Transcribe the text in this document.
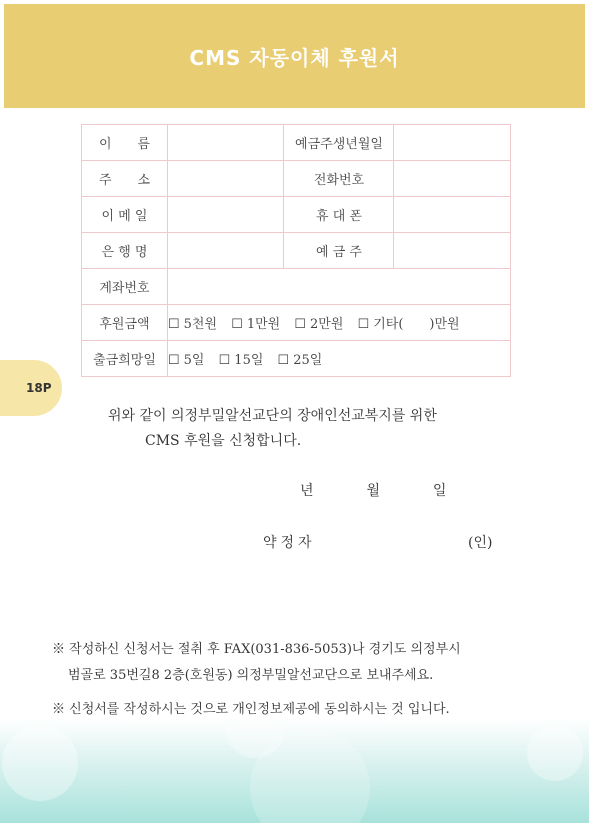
CMS 자동이체 후원서
이　　름		예금주생년월일	
주　　소		전화번호	
이 메 일		휴 대 폰	
은 행 명		예 금 주	
계좌번호			
후원금액	☐ 5천원 ☐ 1만원 ☐ 2만원 ☐ 기타(　　)만원		
출금희망일	☐ 5일 ☐ 15일 ☐ 25일		
18P
위와 같이 의정부밀알선교단의 장애인선교복지를 위한
CMS 후원을 신청합니다.
년	월	일
약정자	(인)
※ 작성하신 신청서는 절취 후 FAX(031-836-5053)나 경기도 의정부시
범골로 35번길8 2층(호원동) 의정부밀알선교단으로 보내주세요.
※ 신청서를 작성하시는 것으로 개인정보제공에 동의하시는 것 입니다.
